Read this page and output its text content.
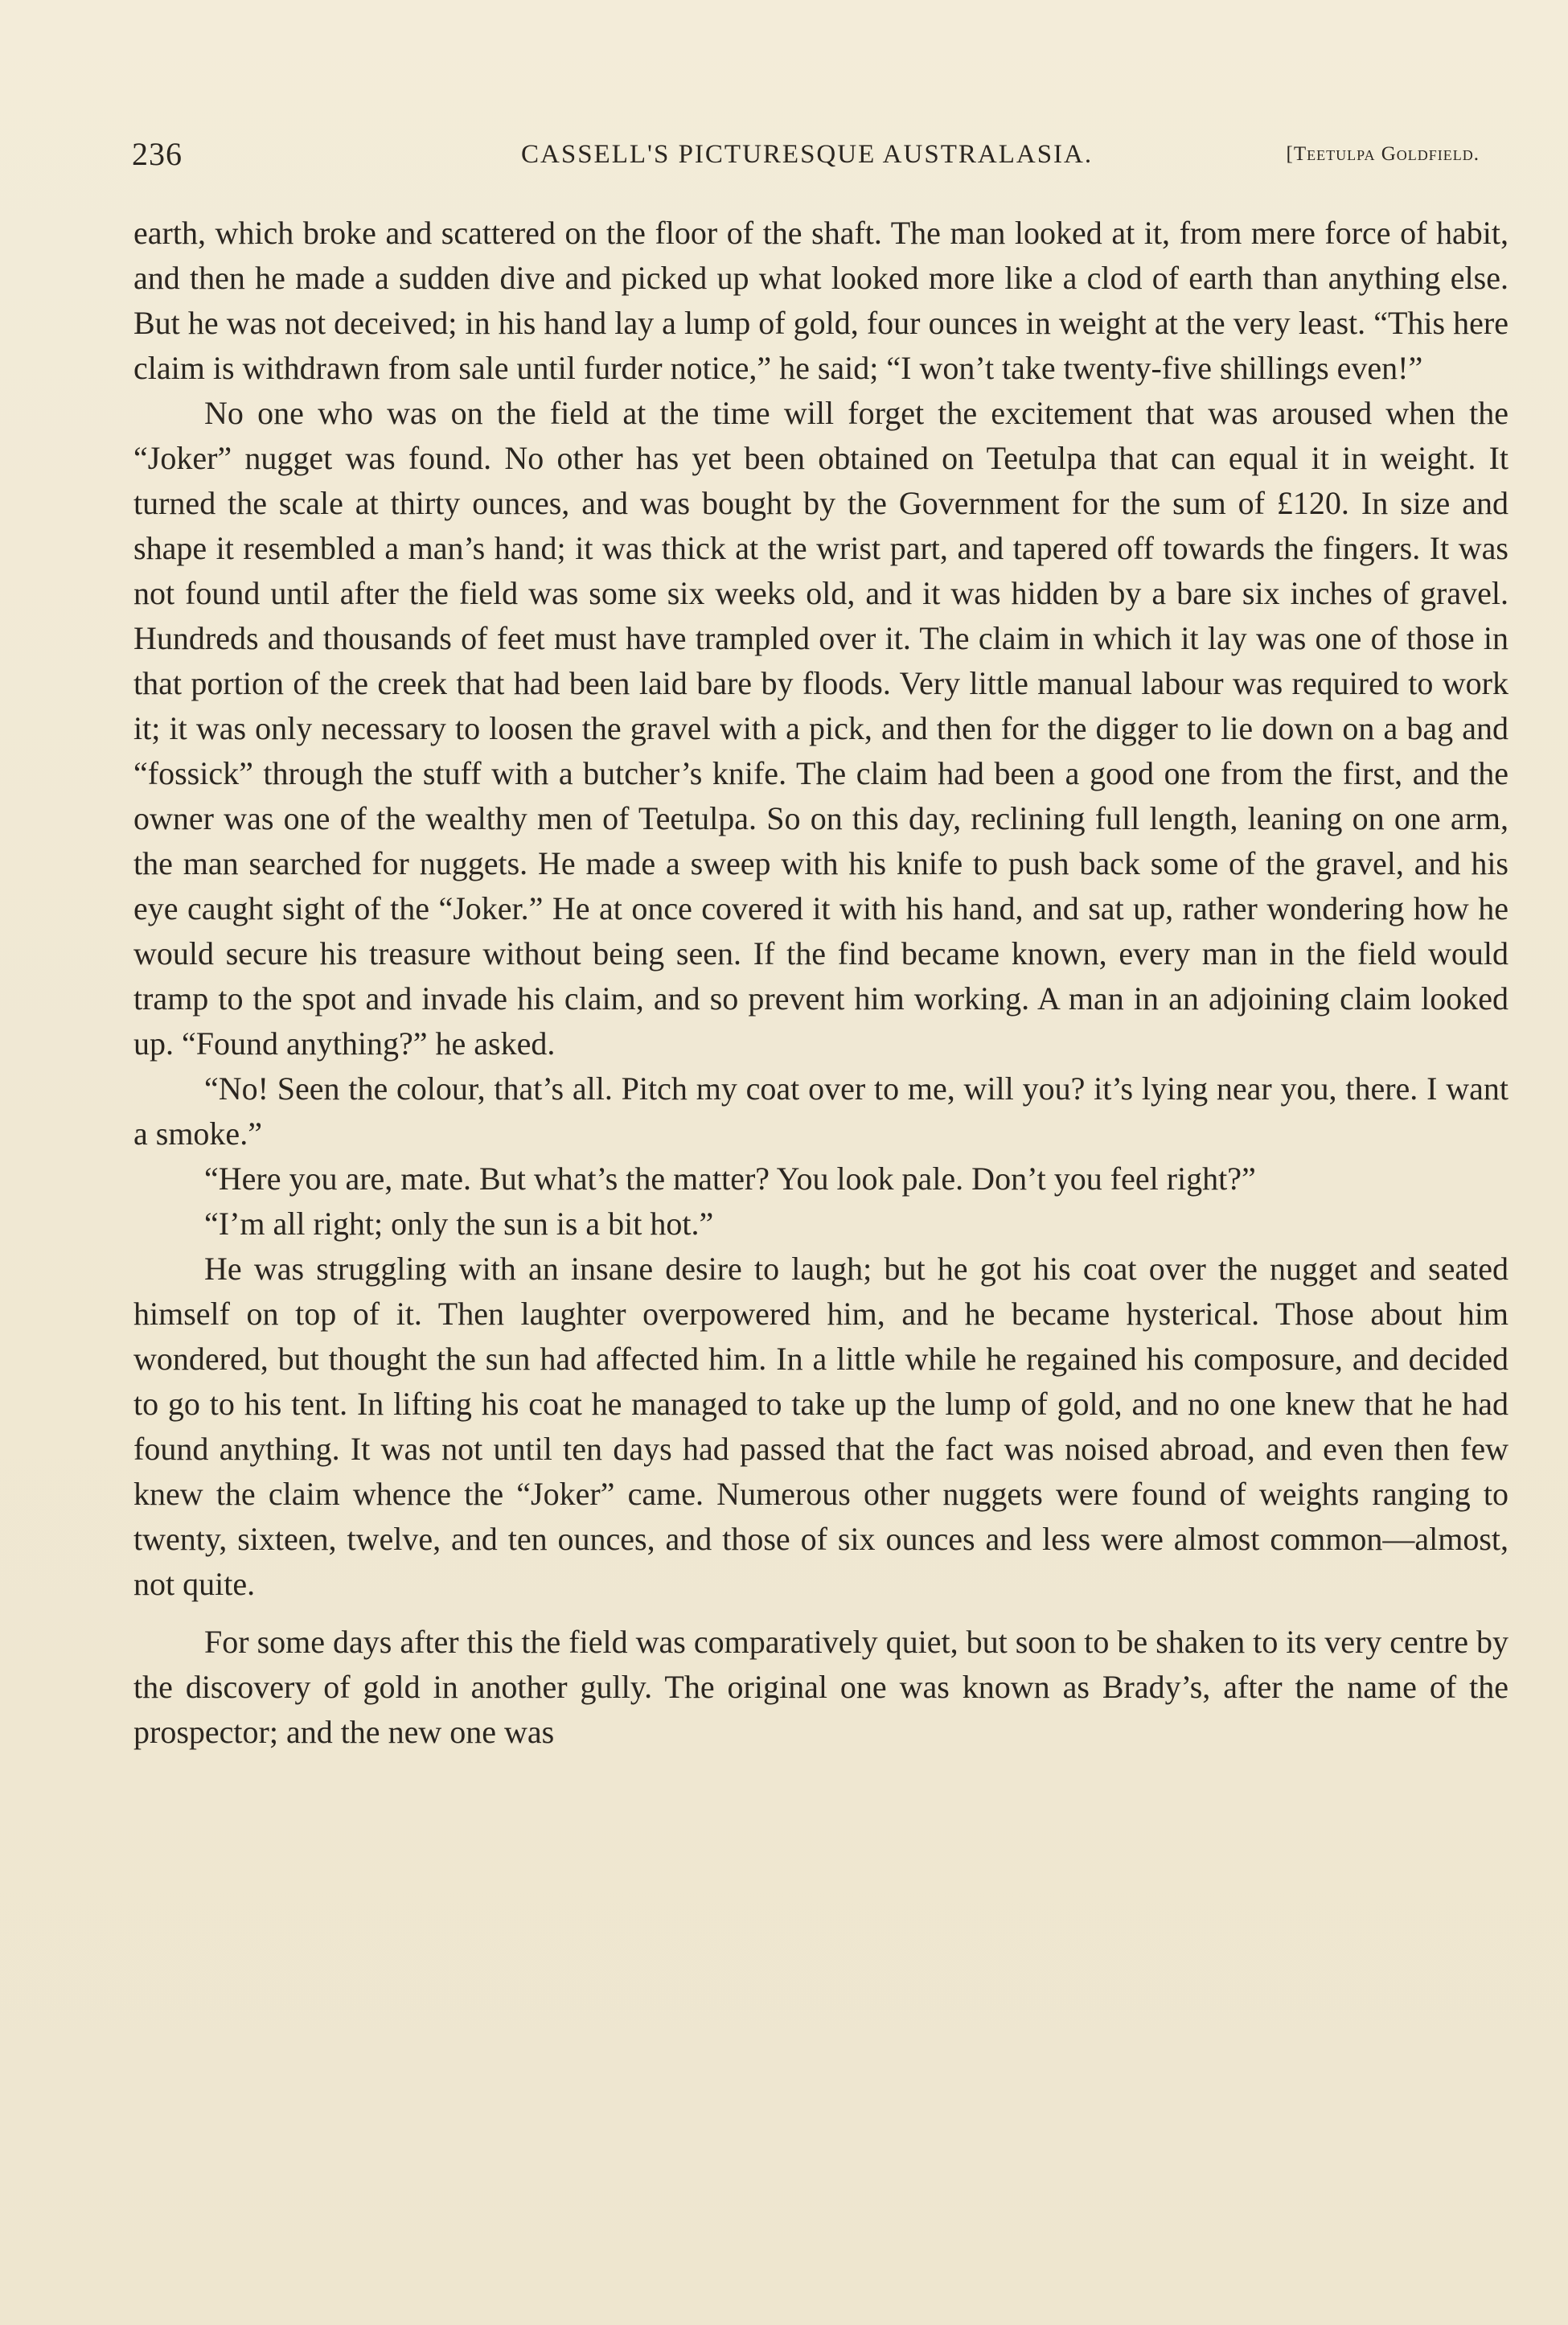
236	CASSELL'S PICTURESQUE AUSTRALASIA.	[Teetulpa Goldfield.

earth, which broke and scattered on the floor of the shaft. The man looked at it, from mere force of habit, and then he made a sudden dive and picked up what looked more like a clod of earth than anything else. But he was not deceived; in his hand lay a lump of gold, four ounces in weight at the very least. “This here claim is withdrawn from sale until furder notice,” he said; “I won’t take twenty-five shillings even!”

No one who was on the field at the time will forget the excitement that was aroused when the “Joker” nugget was found. No other has yet been obtained on Teetulpa that can equal it in weight. It turned the scale at thirty ounces, and was bought by the Government for the sum of £120. In size and shape it resembled a man’s hand; it was thick at the wrist part, and tapered off towards the fingers. It was not found until after the field was some six weeks old, and it was hidden by a bare six inches of gravel. Hundreds and thousands of feet must have trampled over it. The claim in which it lay was one of those in that portion of the creek that had been laid bare by floods. Very little manual labour was required to work it; it was only necessary to loosen the gravel with a pick, and then for the digger to lie down on a bag and “fossick” through the stuff with a butcher’s knife. The claim had been a good one from the first, and the owner was one of the wealthy men of Teetulpa. So on this day, reclining full length, leaning on one arm, the man searched for nuggets. He made a sweep with his knife to push back some of the gravel, and his eye caught sight of the “Joker.” He at once covered it with his hand, and sat up, rather wondering how he would secure his treasure without being seen. If the find became known, every man in the field would tramp to the spot and invade his claim, and so prevent him working. A man in an adjoining claim looked up. “Found anything?” he asked.

“No! Seen the colour, that’s all. Pitch my coat over to me, will you? it’s lying near you, there. I want a smoke.”

“Here you are, mate. But what’s the matter? You look pale. Don’t you feel right?”

“I’m all right; only the sun is a bit hot.”

He was struggling with an insane desire to laugh; but he got his coat over the nugget and seated himself on top of it. Then laughter overpowered him, and he became hysterical. Those about him wondered, but thought the sun had affected him. In a little while he regained his composure, and decided to go to his tent. In lifting his coat he managed to take up the lump of gold, and no one knew that he had found anything. It was not until ten days had passed that the fact was noised abroad, and even then few knew the claim whence the “Joker” came. Numerous other nuggets were found of weights ranging to twenty, sixteen, twelve, and ten ounces, and those of six ounces and less were almost common—almost, not quite.

For some days after this the field was comparatively quiet, but soon to be shaken to its very centre by the discovery of gold in another gully. The original one was known as Brady’s, after the name of the prospector; and the new one was
